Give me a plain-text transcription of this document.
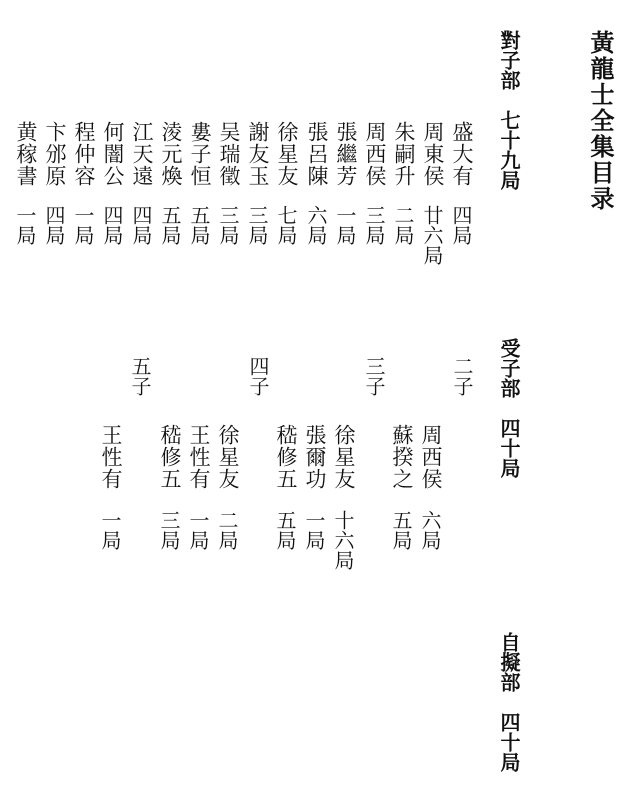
黃龍士全集目录
對子部　七十九局
受子部　四十局
自擬部　四十局
盛大有
四局
周東侯
廿六局
朱嗣升
二局
周西侯
三局
張繼芳
一局
張呂陳
六局
徐星友
七局
謝友玉
三局
吴瑞徵
三局
婁子恒
五局
淩元煥
五局
江天遠
四局
何闇公
四局
程仲容
一局
卞邠原
四局
黄稼書
一局
二子
周西侯
六局
蘇揆之
五局
三子
徐星友
十六局
張爾功
一局
嵇修五
五局
四子
徐星友
二局
王性有
一局
嵇修五
三局
五子
王性有
一局
